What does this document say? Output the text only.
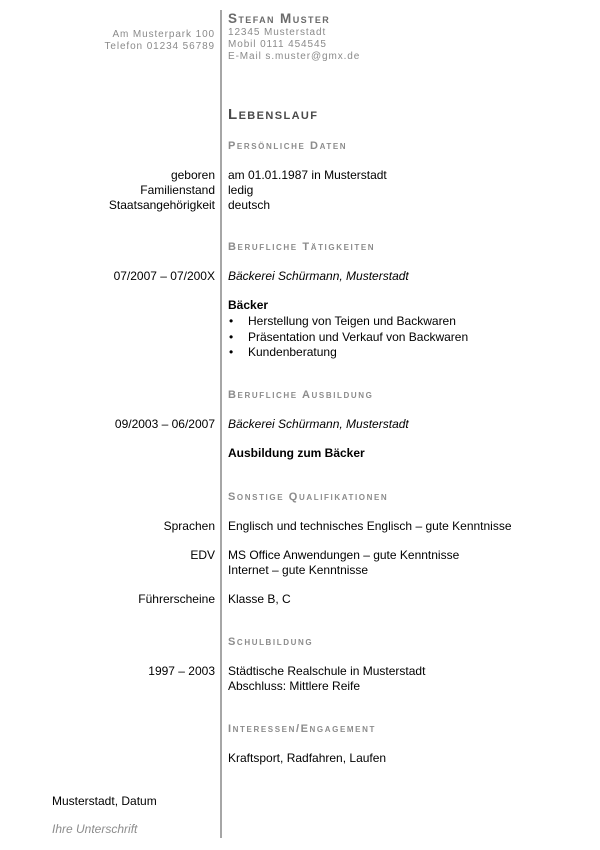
Am Musterpark 100
Telefon 01234 56789
Stefan Muster
12345 Musterstadt
Mobil 0111 454545
E-Mail s.muster@gmx.de
Lebenslauf
Persönliche Daten
geboren am 01.01.1987 in Musterstadt
Familienstand ledig
Staatsangehörigkeit deutsch
Berufliche Tätigkeiten
07/2007 – 07/200X Bäckerei Schürmann, Musterstadt
Bäcker
• Herstellung von Teigen und Backwaren
• Präsentation und Verkauf von Backwaren
• Kundenberatung
Berufliche Ausbildung
09/2003 – 06/2007 Bäckerei Schürmann, Musterstadt
Ausbildung zum Bäcker
Sonstige Qualifikationen
Sprachen Englisch und technisches Englisch – gute Kenntnisse
EDV MS Office Anwendungen – gute Kenntnisse
Internet – gute Kenntnisse
Führerscheine Klasse B, C
Schulbildung
1997 – 2003 Städtische Realschule in Musterstadt
Abschluss: Mittlere Reife
Interessen/Engagement
Kraftsport, Radfahren, Laufen
Musterstadt, Datum
Ihre Unterschrift
